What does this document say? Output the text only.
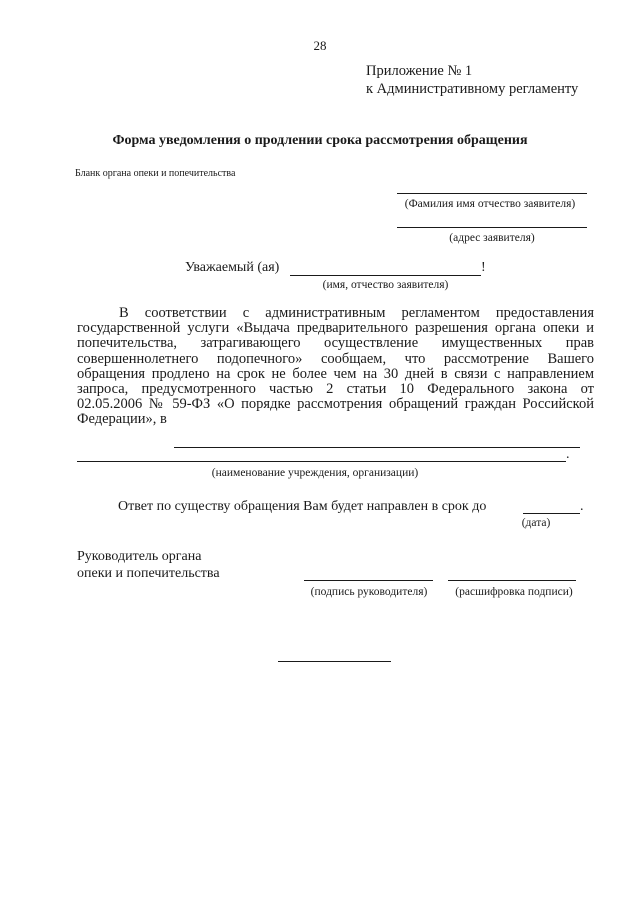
28
Приложение № 1
к Административному регламенту
Форма уведомления о продлении срока рассмотрения обращения
Бланк органа опеки и попечительства
(Фамилия имя отчество заявителя)
(адрес заявителя)
Уважаемый (ая)	!
(имя, отчество заявителя)

В соответствии с административным регламентом предоставления

государственной услуги «Выдача предварительного разрешения органа опеки и

попечительства, затрагивающего осуществление имущественных прав

совершеннолетнего подопечного» сообщаем, что рассмотрение Вашего

обращения продлено на срок не более чем на 30 дней в связи с направлением

запроса, предусмотренного частью 2 статьи 10 Федерального закона от

02.05.2006 № 59-ФЗ «О порядке рассмотрения обращений граждан Российской

Федерации», в

.
(наименование учреждения, организации)
Ответ по существу обращения Вам будет направлен в срок до	.
(дата)
Руководитель органа
опеки и попечительства
(подпись руководителя)	(расшифровка подписи)
